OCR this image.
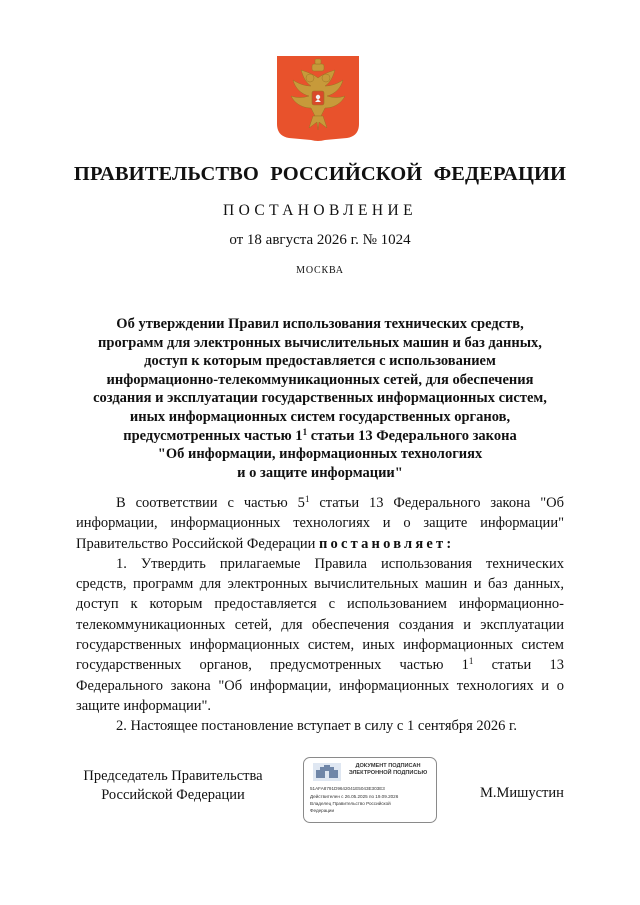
ПРАВИТЕЛЬСТВО РОССИЙСКОЙ ФЕДЕРАЦИИ
ПОСТАНОВЛЕНИЕ
от 18 августа 2026 г. № 1024
МОСКВА
Об утверждении Правил использования технических средств,
программ для электронных вычислительных машин и баз данных,
доступ к которым предоставляется с использованием
информационно-телекоммуникационных сетей, для обеспечения
создания и эксплуатации государственных информационных систем,
иных информационных систем государственных органов,
предусмотренных частью $1^1$ статьи 13 Федерального закона
"Об информации, информационных технологиях
и о защите информации"

В соответствии с частью $5^1$ статьи 13 Федерального закона "Об информации, информационных технологиях и о защите информации" Правительство Российской Федерации постановляет:

1. Утвердить прилагаемые Правила использования технических средств, программ для электронных вычислительных машин и баз данных, доступ к которым предоставляется с использованием информационно-телекоммуникационных сетей, для обеспечения создания и эксплуатации государственных информационных систем, иных информационных систем государственных органов, предусмотренных частью $1^1$ статьи 13 Федерального закона "Об информации, информационных технологиях и о защите информации".

2. Настоящее постановление вступает в силу с 1 сентября 2026 г.

Председатель Правительства
Российской Федерации
ДОКУМЕНТ ПОДПИСАН
ЭЛЕКТРОННОЙ ПОДПИСЬЮ
51AFA8791D9642041E5043E303E3
Действителен с 26.05.2025 по 19.09.2026
Владелец Правительство Российской
Федерации
М.Мишустин
